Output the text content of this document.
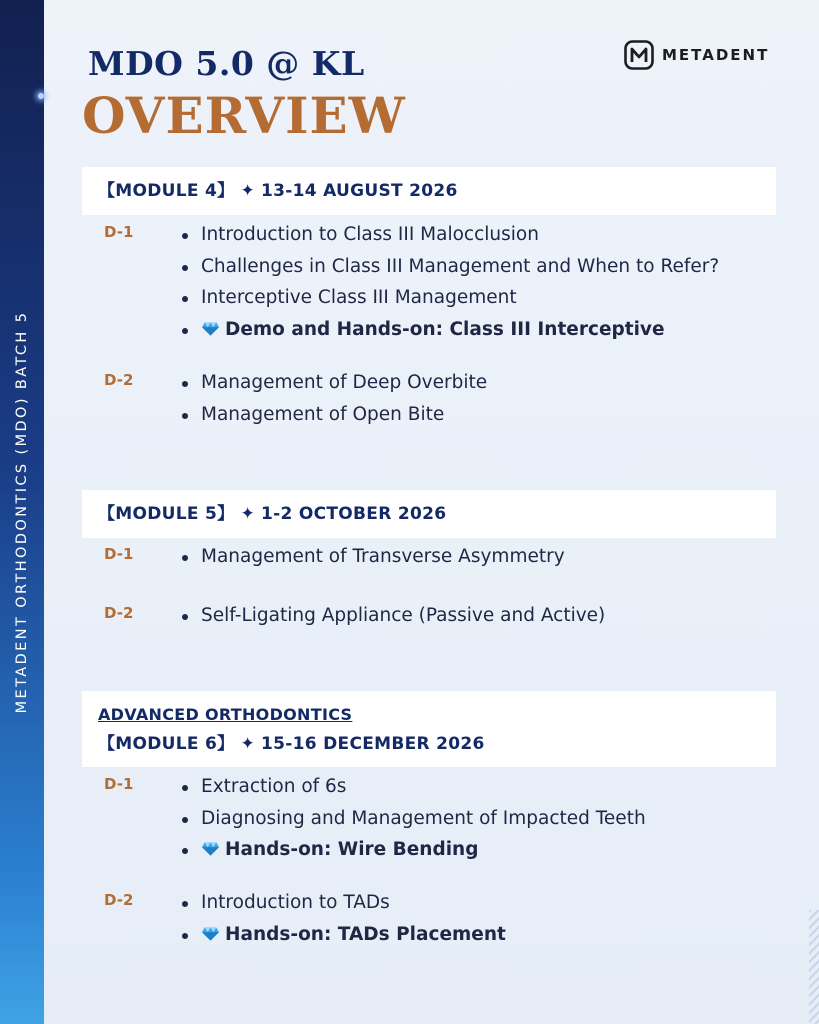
METADENT ORTHODONTICS (MDO) BATCH 5
MDO 5.0 @ KL
OVERVIEW
METADENT
【MODULE 4】 ✦ 13-14 AUGUST 2026
D-1	Introduction to Class III Malocclusion
Challenges in Class III Management and When to Refer?
Interceptive Class III Management
Demo and Hands-on: Class III Interceptive
D-2	Management of Deep Overbite
Management of Open Bite
【MODULE 5】 ✦ 1-2 OCTOBER 2026
D-1	Management of Transverse Asymmetry
D-2	Self-Ligating Appliance (Passive and Active)
ADVANCED ORTHODONTICS
【MODULE 6】 ✦ 15-16 DECEMBER 2026
D-1	Extraction of 6s
Diagnosing and Management of Impacted Teeth
Hands-on: Wire Bending
D-2	Introduction to TADs
Hands-on: TADs Placement
